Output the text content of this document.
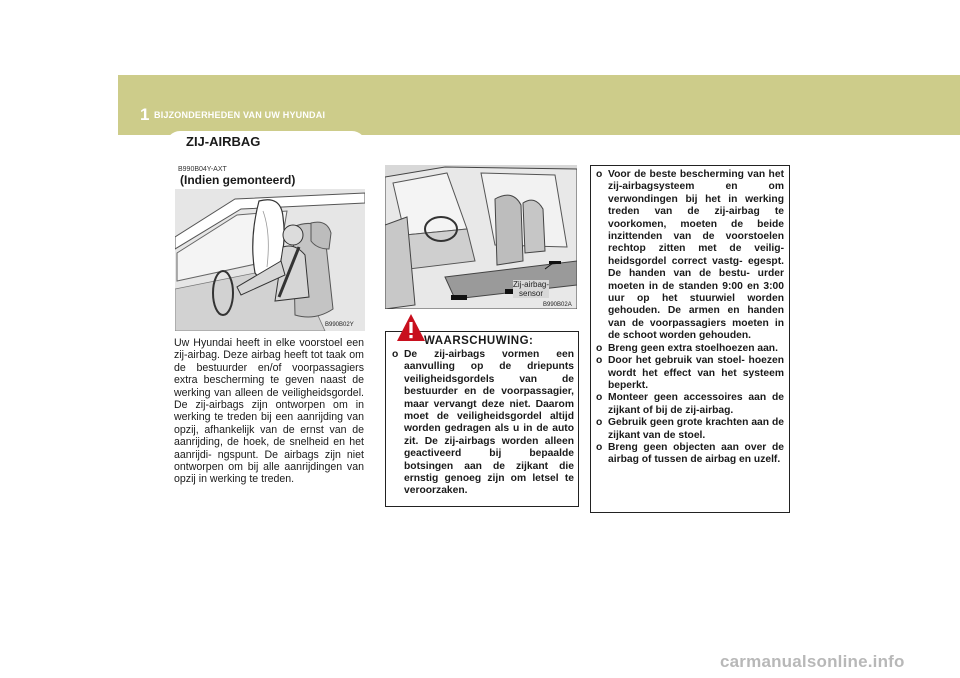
1 BIJZONDERHEDEN VAN UW HYUNDAI
44	ZIJ-AIRBAG
B990B04Y-AXT
(Indien gemonteerd)
B990B02Y
Uw Hyundai heeft in elke voorstoel een zij-airbag. Deze airbag heeft tot taak om de bestuurder en/of voorpassagiers extra bescherming te geven naast de werking van alleen de veiligheidsgordel. De zij-airbags zijn ontworpen om in werking te treden bij een aanrijding van opzij, afhankelijk van de ernst van de aanrijding, de hoek, de snelheid en het aanrijdi- ngspunt. De airbags zijn niet ontworpen om bij alle aanrijdingen van opzij in werking te treden.
Zij-airbag-
sensor
B990B02A
WAARSCHUWING:
o De zij-airbags vormen een aanvulling op de driepunts veiligheidsgordels van de bestuurder en de voorpassagier, maar vervangt deze niet. Daarom moet de veiligheidsgordel altijd worden gedragen als u in de auto zit. De zij-airbags worden alleen geactiveerd bij bepaalde botsingen aan de zijkant die ernstig genoeg zijn om letsel te veroorzaken.
o Voor de beste bescherming van het zij-airbagsysteem en om verwondingen bij het in werking treden van de zij-airbag te voorkomen, moeten de beide inzittenden van de voorstoelen rechtop zitten met de veilig- heidsgordel correct vastg- egespt. De handen van de bestu- urder moeten in de standen 9:00 en 3:00 uur op het stuurwiel worden gehouden. De armen en handen van de voorpassagiers moeten in de schoot worden gehouden.
o Breng geen extra stoelhoezen aan.
o Door het gebruik van stoel- hoezen wordt het effect van het systeem beperkt.
o Monteer geen accessoires aan de zijkant of bij de zij-airbag.
o Gebruik geen grote krachten aan de zijkant van de stoel.
o Breng geen objecten aan over de airbag of tussen de airbag en uzelf.
carmanualsonline.info
